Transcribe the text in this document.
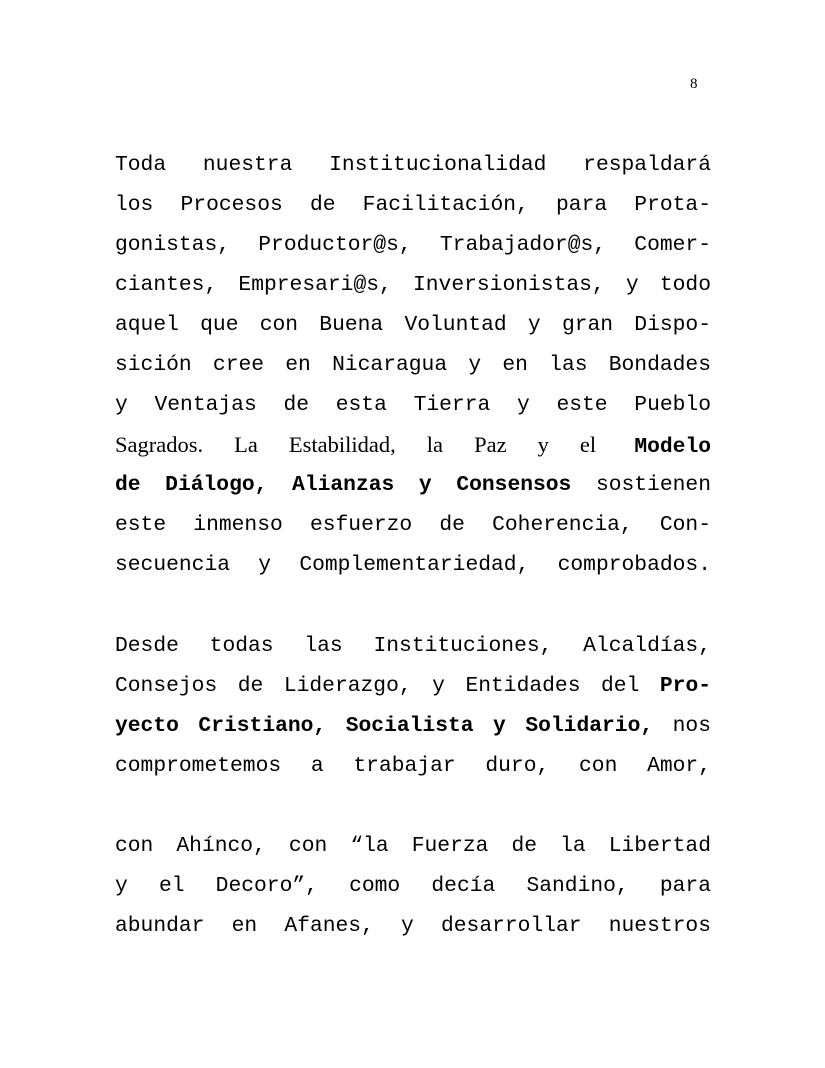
8
Toda nuestra Institucionalidad respaldará
los Procesos de Facilitación, para Prota-
gonistas, Productor@s, Trabajador@s, Comer-
ciantes, Empresari@s, Inversionistas, y todo
aquel que con Buena Voluntad y gran Dispo-
sición cree en Nicaragua y en las Bondades
y Ventajas de esta Tierra y este Pueblo
Sagrados. La Estabilidad, la Paz y el Modelo
de Diálogo, Alianzas y Consensos sostienen
este inmenso esfuerzo de Coherencia, Con-
secuencia y Complementariedad, comprobados.
Desde todas las Instituciones, Alcaldías,
Consejos de Liderazgo, y Entidades del Pro-
yecto Cristiano, Socialista y Solidario, nos
comprometemos a trabajar duro, con Amor,
con Ahínco, con “la Fuerza de la Libertad
y el Decoro”, como decía Sandino, para
abundar en Afanes, y desarrollar nuestros
